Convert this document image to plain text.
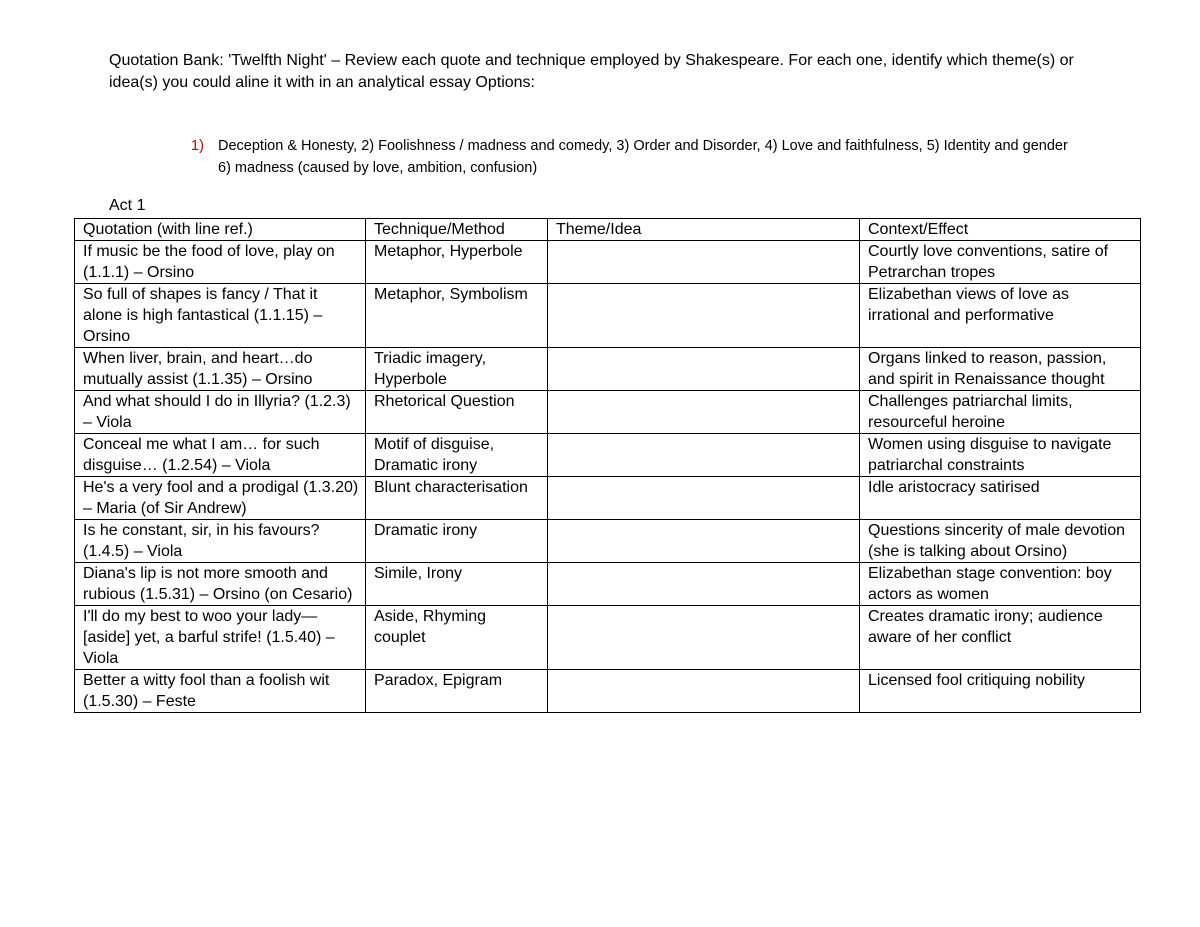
Quotation Bank: 'Twelfth Night' – Review each quote and technique employed by Shakespeare. For each one, identify which theme(s) or idea(s) you could aline it with in an analytical essay Options:

1) Deception & Honesty, 2) Foolishness / madness and comedy, 3) Order and Disorder, 4) Love and faithfulness, 5) Identity and gender 6) madness (caused by love, ambition, confusion)

Act 1

Quotation (with line ref.)	Technique/Method	Theme/Idea	Context/Effect
If music be the food of love, play on (1.1.1) – Orsino	Metaphor, Hyperbole		Courtly love conventions, satire of Petrarchan tropes
So full of shapes is fancy / That it alone is high fantastical (1.1.15) – Orsino	Metaphor, Symbolism		Elizabethan views of love as irrational and performative
When liver, brain, and heart…do mutually assist (1.1.35) – Orsino	Triadic imagery, Hyperbole		Organs linked to reason, passion, and spirit in Renaissance thought
And what should I do in Illyria? (1.2.3) – Viola	Rhetorical Question		Challenges patriarchal limits, resourceful heroine
Conceal me what I am… for such disguise… (1.2.54) – Viola	Motif of disguise, Dramatic irony		Women using disguise to navigate patriarchal constraints
He's a very fool and a prodigal (1.3.20) – Maria (of Sir Andrew)	Blunt characterisation		Idle aristocracy satirised
Is he constant, sir, in his favours? (1.4.5) – Viola	Dramatic irony		Questions sincerity of male devotion (she is talking about Orsino)
Diana's lip is not more smooth and rubious (1.5.31) – Orsino (on Cesario)	Simile, Irony		Elizabethan stage convention: boy actors as women
I'll do my best to woo your lady—[aside] yet, a barful strife! (1.5.40) – Viola	Aside, Rhyming couplet		Creates dramatic irony; audience aware of her conflict
Better a witty fool than a foolish wit (1.5.30) – Feste	Paradox, Epigram		Licensed fool critiquing nobility
